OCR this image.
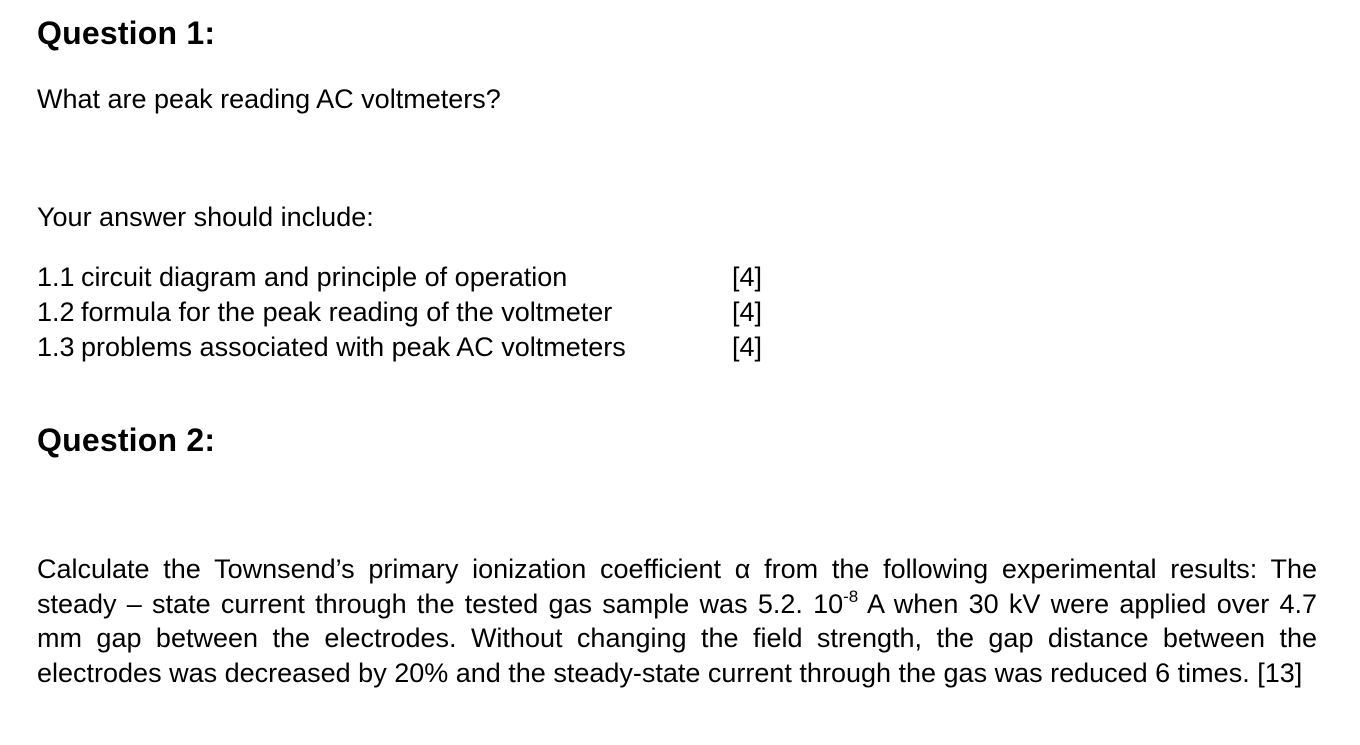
Question 1:

What are peak reading AC voltmeters?

Your answer should include:

1.1 circuit diagram and principle of operation	[4]
1.2 formula for the peak reading of the voltmeter	[4]
1.3 problems associated with peak AC voltmeters	[4]
Question 2:

Calculate the Townsend’s primary ionization coefficient α from the following experimental results: The steady – state current through the tested gas sample was 5.2. $10^{-8}$ A when 30 kV were applied over 4.7 mm gap between the electrodes. Without changing the field strength, the gap distance between the electrodes was decreased by 20% and the steady-state current through the gas was reduced 6 times. [13]
